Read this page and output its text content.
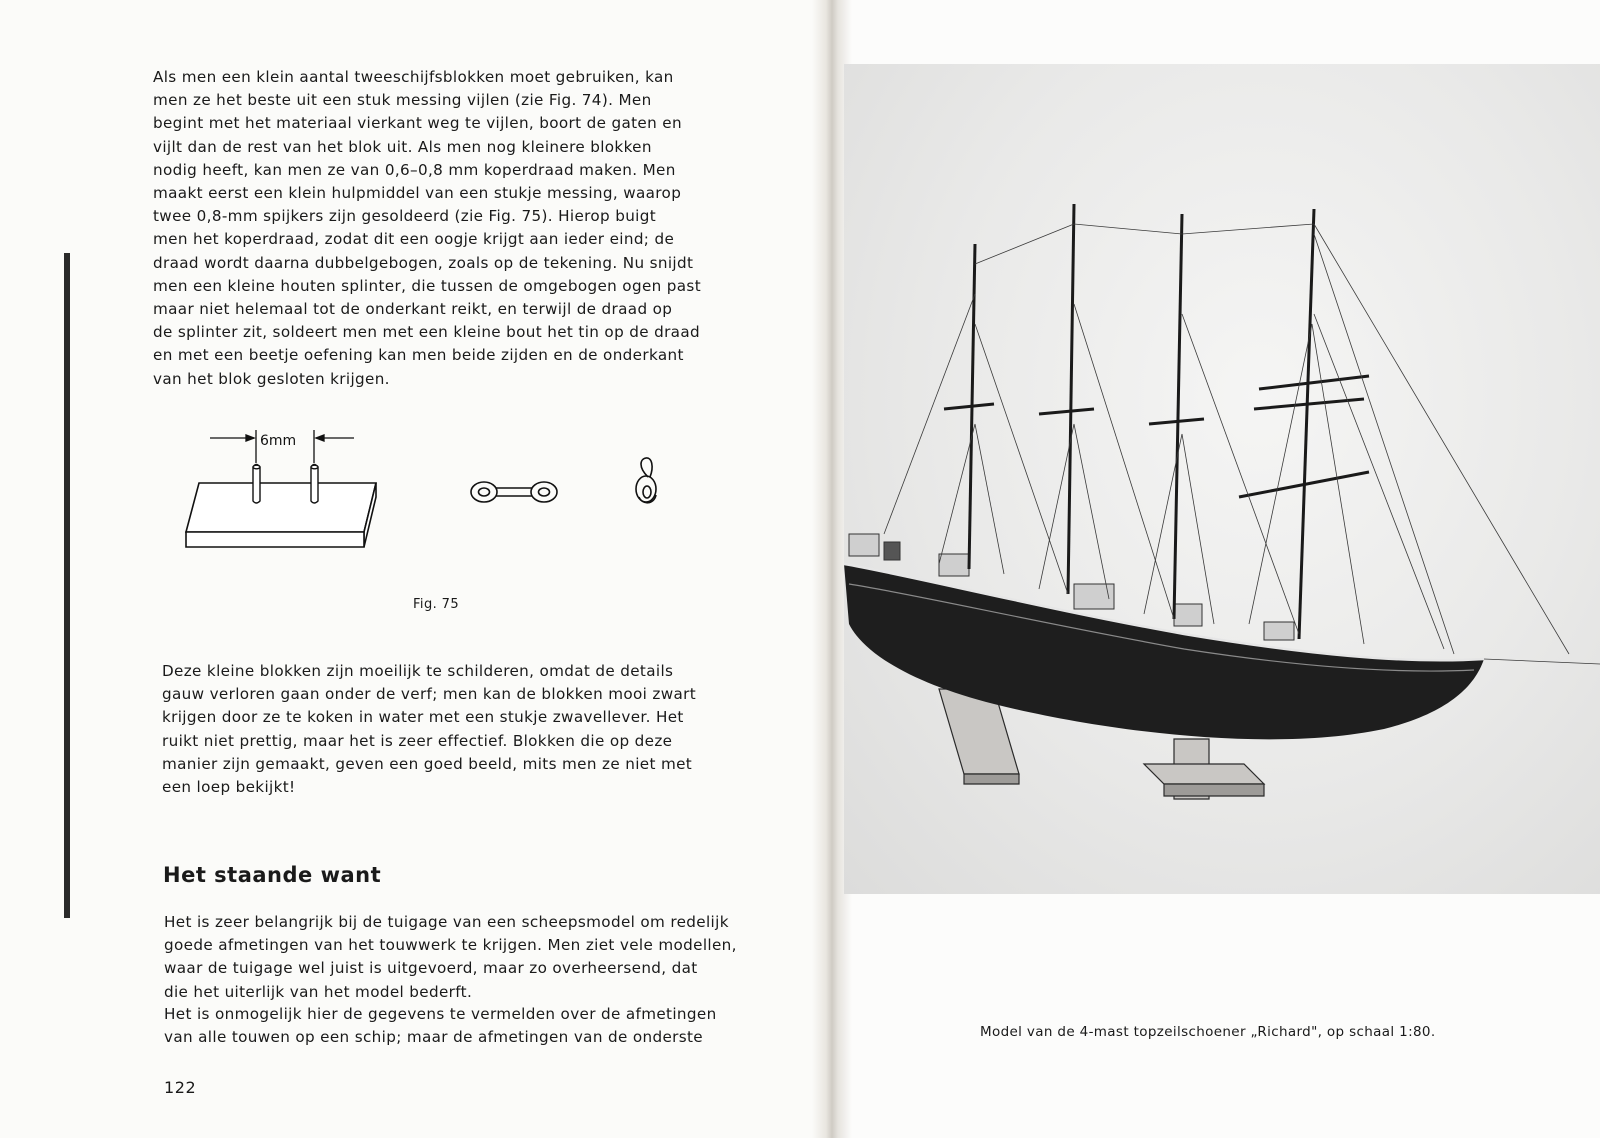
Als men een klein aantal tweeschijfsblokken moet gebruiken, kan
men ze het beste uit een stuk messing vijlen (zie Fig. 74). Men
begint met het materiaal vierkant weg te vijlen, boort de gaten en
vijlt dan de rest van het blok uit. Als men nog kleinere blokken
nodig heeft, kan men ze van 0,6–0,8 mm koperdraad maken. Men
maakt eerst een klein hulpmiddel van een stukje messing, waarop
twee 0,8-mm spijkers zijn gesoldeerd (zie Fig. 75). Hierop buigt
men het koperdraad, zodat dit een oogje krijgt aan ieder eind; de
draad wordt daarna dubbelgebogen, zoals op de tekening. Nu snijdt
men een kleine houten splinter, die tussen de omgebogen ogen past
maar niet helemaal tot de onderkant reikt, en terwijl de draad op
de splinter zit, soldeert men met een kleine bout het tin op de draad
en met een beetje oefening kan men beide zijden en de onderkant
van het blok gesloten krijgen.

6mm
Fig. 75

Deze kleine blokken zijn moeilijk te schilderen, omdat de details
gauw verloren gaan onder de verf; men kan de blokken mooi zwart
krijgen door ze te koken in water met een stukje zwavellever. Het
ruikt niet prettig, maar het is zeer effectief. Blokken die op deze
manier zijn gemaakt, geven een goed beeld, mits men ze niet met
een loep bekijkt!

Het staande want

Het is zeer belangrijk bij de tuigage van een scheepsmodel om redelijk
goede afmetingen van het touwwerk te krijgen. Men ziet vele modellen,
waar de tuigage wel juist is uitgevoerd, maar zo overheersend, dat
die het uiterlijk van het model bederft.

Het is onmogelijk hier de gegevens te vermelden over de afmetingen
van alle touwen op een schip; maar de afmetingen van de onderste

122
Model van de 4-mast topzeilschoener „Richard", op schaal 1:80.
